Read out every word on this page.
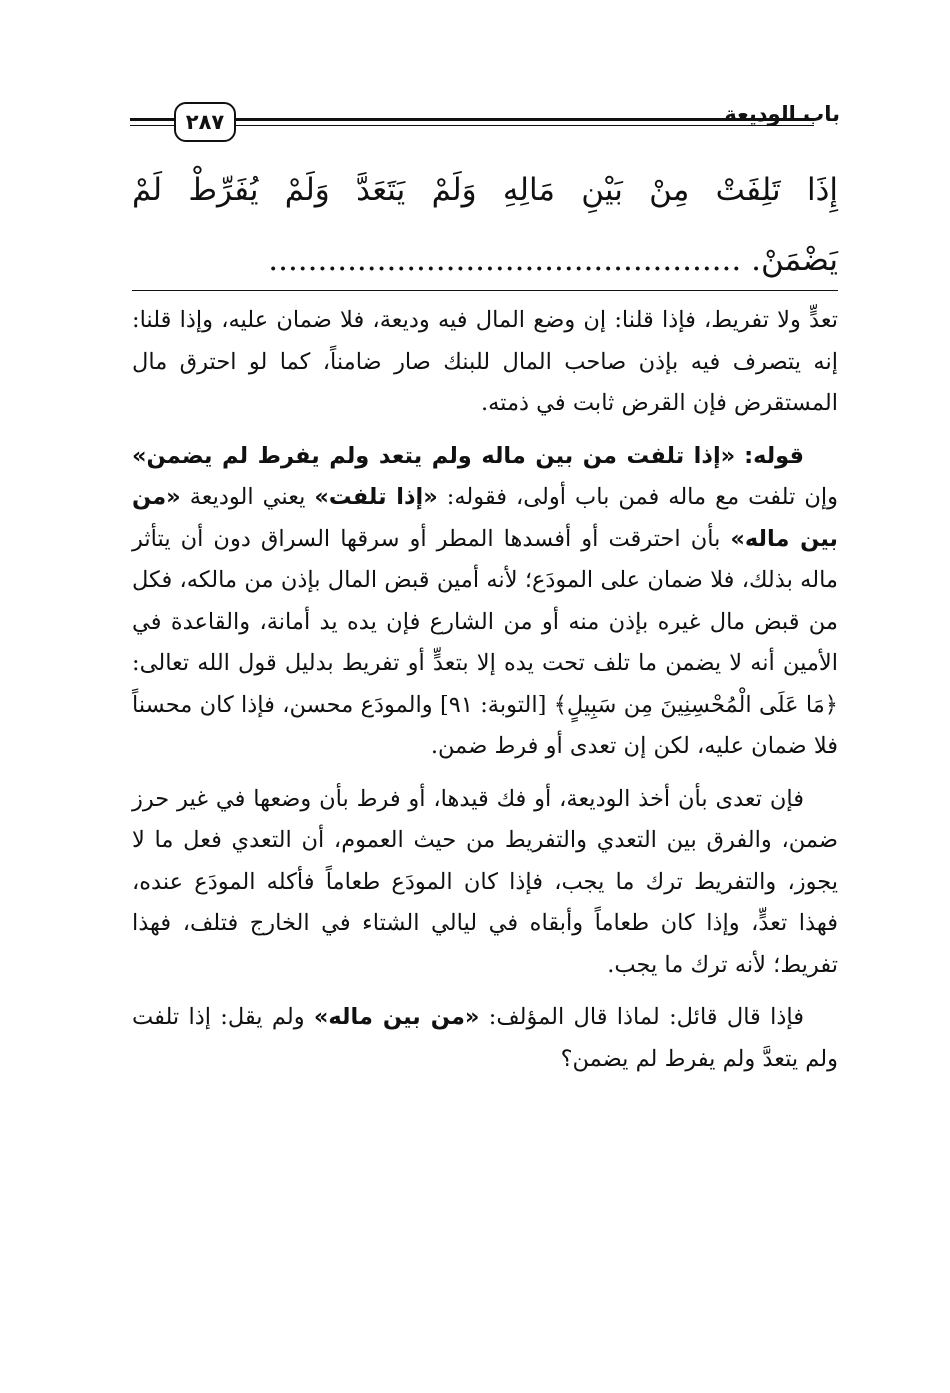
باب الوديعة
٢٨٧
إِذَا تَلِفَتْ مِنْ بَيْنِ مَالِهِ وَلَمْ يَتَعَدَّ وَلَمْ يُفَرِّطْ لَمْ
يَضْمَنْ. ................................................

تعدٍّ ولا تفريط، فإذا قلنا: إن وضع المال فيه وديعة، فلا ضمان عليه، وإذا قلنا: إنه يتصرف فيه بإذن صاحب المال للبنك صار ضامناً، كما لو احترق مال المستقرض فإن القرض ثابت في ذمته.

قوله: «إذا تلفت من بين ماله ولم يتعد ولم يفرط لم يضمن» وإن تلفت مع ماله فمن باب أولى، فقوله: «إذا تلفت» يعني الوديعة «من بين ماله» بأن احترقت أو أفسدها المطر أو سرقها السراق دون أن يتأثر ماله بذلك، فلا ضمان على المودَع؛ لأنه أمين قبض المال بإذن من مالكه، فكل من قبض مال غيره بإذن منه أو من الشارع فإن يده يد أمانة، والقاعدة في الأمين أنه لا يضمن ما تلف تحت يده إلا بتعدٍّ أو تفريط بدليل قول الله تعالى: ﴿مَا عَلَى الْمُحْسِنِينَ مِن سَبِيلٍ﴾ [التوبة: ٩١] والمودَع محسن، فإذا كان محسناً فلا ضمان عليه، لكن إن تعدى أو فرط ضمن.

فإن تعدى بأن أخذ الوديعة، أو فك قيدها، أو فرط بأن وضعها في غير حرز ضمن، والفرق بين التعدي والتفريط من حيث العموم، أن التعدي فعل ما لا يجوز، والتفريط ترك ما يجب، فإذا كان المودَع طعاماً فأكله المودَع عنده، فهذا تعدٍّ، وإذا كان طعاماً وأبقاه في ليالي الشتاء في الخارج فتلف، فهذا تفريط؛ لأنه ترك ما يجب.

فإذا قال قائل: لماذا قال المؤلف: «من بين ماله» ولم يقل: إذا تلفت ولم يتعدَّ ولم يفرط لم يضمن؟
